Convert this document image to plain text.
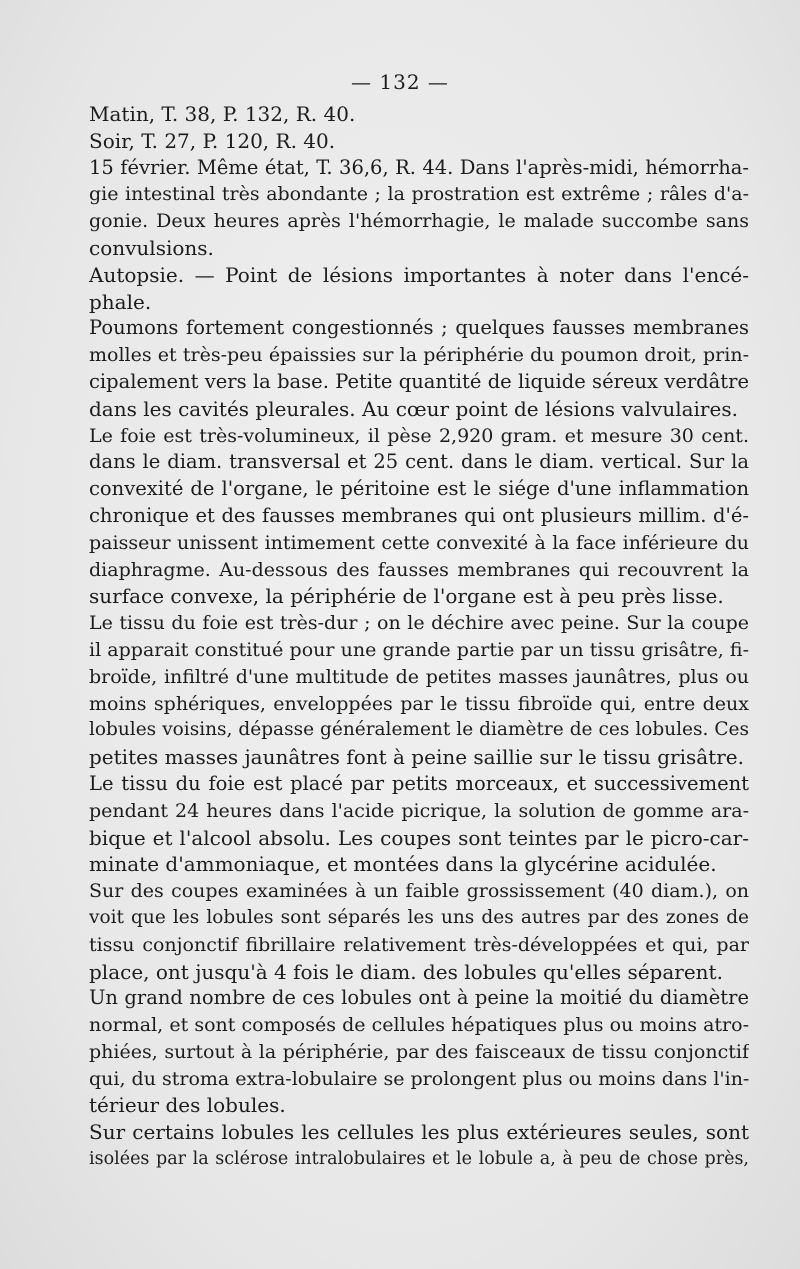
— 132 —
Matin, T. 38, P. 132, R. 40.
Soir, T. 27, P. 120, R. 40.
15 février. Même état, T. 36,6, R. 44. Dans l'après-midi, hémorrha-
gie intestinal très abondante ; la prostration est extrême ; râles d'a-
gonie. Deux heures après l'hémorrhagie, le malade succombe sans
convulsions.
Autopsie. — Point de lésions importantes à noter dans l'encé-
phale.
Poumons fortement congestionnés ; quelques fausses membranes
molles et très-peu épaissies sur la périphérie du poumon droit, prin-
cipalement vers la base. Petite quantité de liquide séreux verdâtre
dans les cavités pleurales. Au cœur point de lésions valvulaires.
Le foie est très-volumineux, il pèse 2,920 gram. et mesure 30 cent.
dans le diam. transversal et 25 cent. dans le diam. vertical. Sur la
convexité de l'organe, le péritoine est le siége d'une inflammation
chronique et des fausses membranes qui ont plusieurs millim. d'é-
paisseur unissent intimement cette convexité à la face inférieure du
diaphragme. Au-dessous des fausses membranes qui recouvrent la
surface convexe, la périphérie de l'organe est à peu près lisse.
Le tissu du foie est très-dur ; on le déchire avec peine. Sur la coupe
il apparait constitué pour une grande partie par un tissu grisâtre, fi-
broïde, infiltré d'une multitude de petites masses jaunâtres, plus ou
moins sphériques, enveloppées par le tissu fibroïde qui, entre deux
lobules voisins, dépasse généralement le diamètre de ces lobules. Ces
petites masses jaunâtres font à peine saillie sur le tissu grisâtre.
Le tissu du foie est placé par petits morceaux, et successivement
pendant 24 heures dans l'acide picrique, la solution de gomme ara-
bique et l'alcool absolu. Les coupes sont teintes par le picro-car-
minate d'ammoniaque, et montées dans la glycérine acidulée.
Sur des coupes examinées à un faible grossissement (40 diam.), on
voit que les lobules sont séparés les uns des autres par des zones de
tissu conjonctif fibrillaire relativement très-développées et qui, par
place, ont jusqu'à 4 fois le diam. des lobules qu'elles séparent.
Un grand nombre de ces lobules ont à peine la moitié du diamètre
normal, et sont composés de cellules hépatiques plus ou moins atro-
phiées, surtout à la périphérie, par des faisceaux de tissu conjonctif
qui, du stroma extra-lobulaire se prolongent plus ou moins dans l'in-
térieur des lobules.
Sur certains lobules les cellules les plus extérieures seules, sont
isolées par la sclérose intralobulaires et le lobule a, à peu de chose près,
